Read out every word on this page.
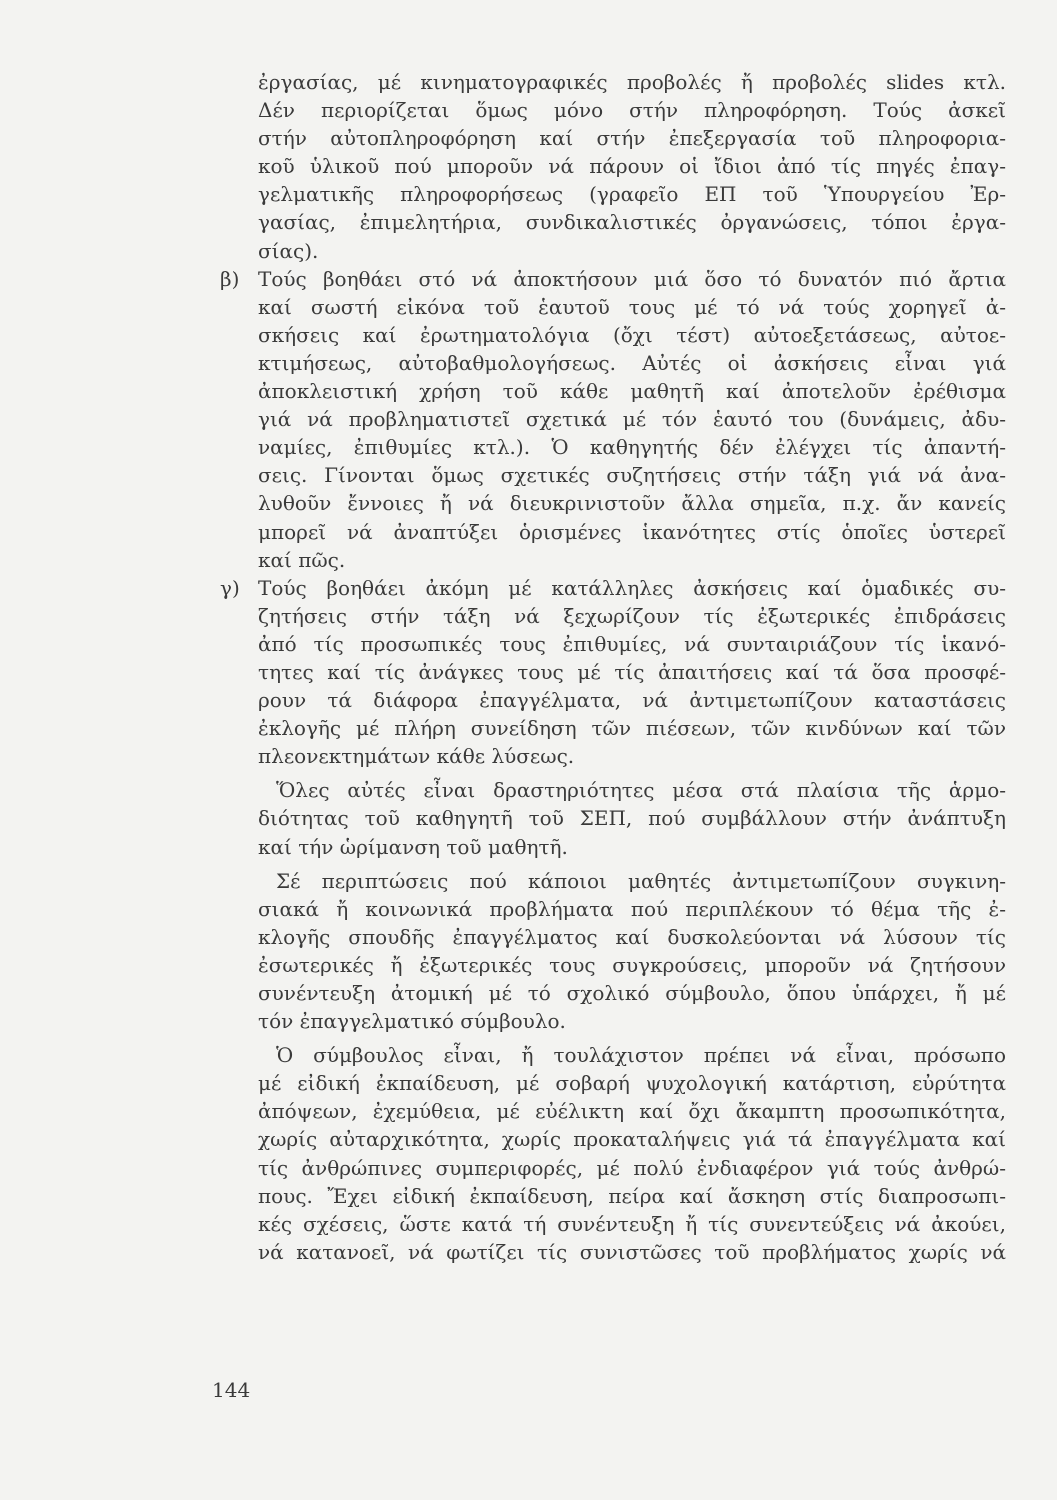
ἐργασίας, μέ κινηματογραφικές προβολές ἤ προβολές slides κτλ.
Δέν περιορίζεται ὅμως μόνο στήν πληροφόρηση. Τούς ἀσκεῖ
στήν αὐτοπληροφόρηση καί στήν ἐπεξεργασία τοῦ πληροφορια-
κοῦ ὑλικοῦ πού μποροῦν νά πάρουν οἱ ἴδιοι ἀπό τίς πηγές ἐπαγ-
γελματικῆς πληροφορήσεως (γραφεῖο ΕΠ τοῦ Ὑπουργείου Ἐρ-
γασίας, ἐπιμελητήρια, συνδικαλιστικές ὀργανώσεις, τόποι ἐργα-
σίας).
β) Τούς βοηθάει στό νά ἀποκτήσουν μιά ὅσο τό δυνατόν πιό ἄρτια
καί σωστή εἰκόνα τοῦ ἑαυτοῦ τους μέ τό νά τούς χορηγεῖ ἀ-
σκήσεις καί ἐρωτηματολόγια (ὄχι τέστ) αὐτοεξετάσεως, αὐτοε-
κτιμήσεως, αὐτοβαθμολογήσεως. Αὐτές οἱ ἀσκήσεις εἶναι γιά
ἀποκλειστική χρήση τοῦ κάθε μαθητῆ καί ἀποτελοῦν ἐρέθισμα
γιά νά προβληματιστεῖ σχετικά μέ τόν ἑαυτό του (δυνάμεις, ἀδυ-
ναμίες, ἐπιθυμίες κτλ.). Ὁ καθηγητής δέν ἐλέγχει τίς ἀπαντή-
σεις. Γίνονται ὅμως σχετικές συζητήσεις στήν τάξη γιά νά ἀνα-
λυθοῦν ἔννοιες ἤ νά διευκρινιστοῦν ἄλλα σημεῖα, π.χ. ἄν κανείς
μπορεῖ νά ἀναπτύξει ὁρισμένες ἱκανότητες στίς ὁποῖες ὑστερεῖ
καί πῶς.
γ) Τούς βοηθάει ἀκόμη μέ κατάλληλες ἀσκήσεις καί ὁμαδικές συ-
ζητήσεις στήν τάξη νά ξεχωρίζουν τίς ἐξωτερικές ἐπιδράσεις
ἀπό τίς προσωπικές τους ἐπιθυμίες, νά συνταιριάζουν τίς ἱκανό-
τητες καί τίς ἀνάγκες τους μέ τίς ἀπαιτήσεις καί τά ὅσα προσφέ-
ρουν τά διάφορα ἐπαγγέλματα, νά ἀντιμετωπίζουν καταστάσεις
ἐκλογῆς μέ πλήρη συνείδηση τῶν πιέσεων, τῶν κινδύνων καί τῶν
πλεονεκτημάτων κάθε λύσεως.
Ὅλες αὐτές εἶναι δραστηριότητες μέσα στά πλαίσια τῆς ἁρμο-
διότητας τοῦ καθηγητῆ τοῦ ΣΕΠ, πού συμβάλλουν στήν ἀνάπτυξη
καί τήν ὡρίμανση τοῦ μαθητῆ.
Σέ περιπτώσεις πού κάποιοι μαθητές ἀντιμετωπίζουν συγκινη-
σιακά ἤ κοινωνικά προβλήματα πού περιπλέκουν τό θέμα τῆς ἐ-
κλογῆς σπουδῆς ἐπαγγέλματος καί δυσκολεύονται νά λύσουν τίς
ἐσωτερικές ἤ ἐξωτερικές τους συγκρούσεις, μποροῦν νά ζητήσουν
συνέντευξη ἀτομική μέ τό σχολικό σύμβουλο, ὅπου ὑπάρχει, ἤ μέ
τόν ἐπαγγελματικό σύμβουλο.
Ὁ σύμβουλος εἶναι, ἤ τουλάχιστον πρέπει νά εἶναι, πρόσωπο
μέ εἰδική ἐκπαίδευση, μέ σοβαρή ψυχολογική κατάρτιση, εὐρύτητα
ἀπόψεων, ἐχεμύθεια, μέ εὐέλικτη καί ὄχι ἄκαμπτη προσωπικότητα,
χωρίς αὐταρχικότητα, χωρίς προκαταλήψεις γιά τά ἐπαγγέλματα καί
τίς ἀνθρώπινες συμπεριφορές, μέ πολύ ἐνδιαφέρον γιά τούς ἀνθρώ-
πους. Ἔχει εἰδική ἐκπαίδευση, πείρα καί ἄσκηση στίς διαπροσωπι-
κές σχέσεις, ὥστε κατά τή συνέντευξη ἤ τίς συνεντεύξεις νά ἀκούει,
νά κατανοεῖ, νά φωτίζει τίς συνιστῶσες τοῦ προβλήματος χωρίς νά
144
